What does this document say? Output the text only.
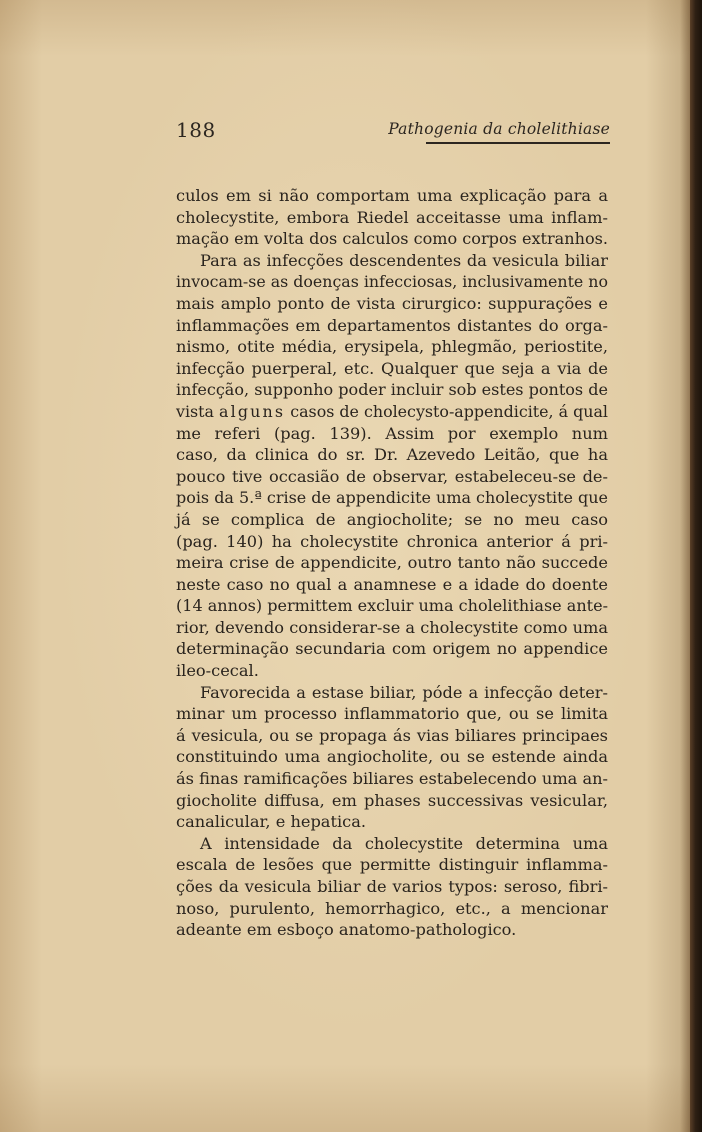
188	Pathogenia da cholelithiase
culos em si não comportam uma explicação para a
cholecystite, embora Riedel acceitasse uma inflam-
mação em volta dos calculos como corpos extranhos.
Para as infecções descendentes da vesicula biliar
invocam-se as doenças infecciosas, inclusivamente no
mais amplo ponto de vista cirurgico: suppurações e
inflammações em departamentos distantes do orga-
nismo, otite média, erysipela, phlegmão, periostite,
infecção puerperal, etc. Qualquer que seja a via de
infecção, supponho poder incluir sob estes pontos de
vista alguns casos de cholecysto-appendicite, á qual
me referi (pag. 139). Assim por exemplo num
caso, da clinica do sr. Dr. Azevedo Leitão, que ha
pouco tive occasião de observar, estabeleceu-se de-
pois da 5.ª crise de appendicite uma cholecystite que
já se complica de angiocholite; se no meu caso
(pag. 140) ha cholecystite chronica anterior á pri-
meira crise de appendicite, outro tanto não succede
neste caso no qual a anamnese e a idade do doente
(14 annos) permittem excluir uma cholelithiase ante-
rior, devendo considerar-se a cholecystite como uma
determinação secundaria com origem no appendice
ileo-cecal.
Favorecida a estase biliar, póde a infecção deter-
minar um processo inflammatorio que, ou se limita
á vesicula, ou se propaga ás vias biliares principaes
constituindo uma angiocholite, ou se estende ainda
ás finas ramificações biliares estabelecendo uma an-
giocholite diffusa, em phases successivas vesicular,
canalicular, e hepatica.
A intensidade da cholecystite determina uma
escala de lesões que permitte distinguir inflamma-
ções da vesicula biliar de varios typos: seroso, fibri-
noso, purulento, hemorrhagico, etc., a mencionar
adeante em esboço anatomo-pathologico.
